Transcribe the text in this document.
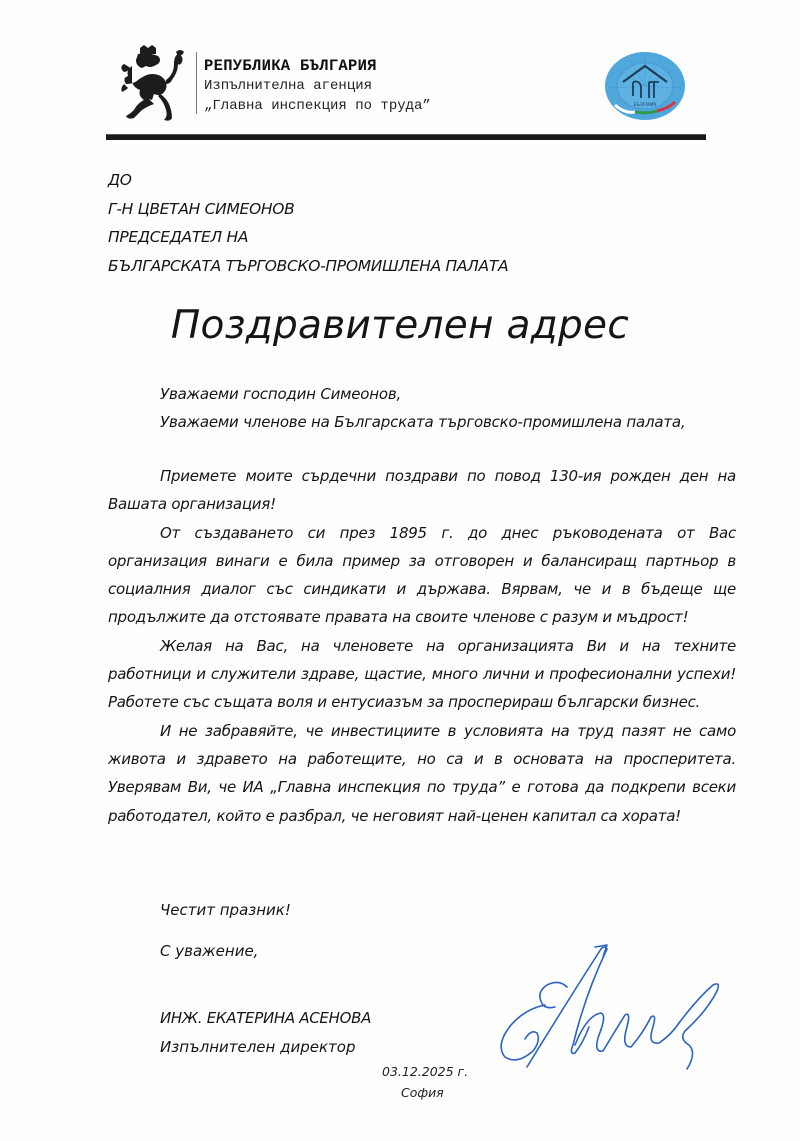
РЕПУБЛИКА БЪЛГАРИЯ
Изпълнителна агенция
„Главна инспекция по труда”	БЪЛГАРИЯ
ДО
Г-Н ЦВЕТАН СИМЕОНОВ
ПРЕДСЕДАТЕЛ НА
БЪЛГАРСКАТА ТЪРГОВСКО-ПРОМИШЛЕНА ПАЛАТА
Поздравителен адрес
Уважаеми господин Симеонов,
Уважаеми членове на Българската търговско-промишлена палата,

Приемете моите сърдечни поздрави по повод 130-ия рожден ден на Вашата организация!

От създаването си през 1895 г. до днес ръководената от Вас организация винаги е била пример за отговорен и балансиращ партньор в социалния диалог със синдикати и държава. Вярвам, че и в бъдеще ще продължите да отстоявате правата на своите членове с разум и мъдрост!

Желая на Вас, на членовете на организацията Ви и на техните работници и служители здраве, щастие, много лични и професионални успехи! Работете със същата воля и ентусиазъм за просперираш български бизнес.

И не забравяйте, че инвестициите в условията на труд пазят не само живота и здравето на работещите, но са и в основата на просперитета. Уверявам Ви, че ИА „Главна инспекция по труда” е готова да подкрепи всеки работодател, който е разбрал, че неговият най-ценен капитал са хората!

Честит празник!
С уважение,
ИНЖ. ЕКАТЕРИНА АСЕНОВА
Изпълнителен директор
03.12.2025 г.
София
